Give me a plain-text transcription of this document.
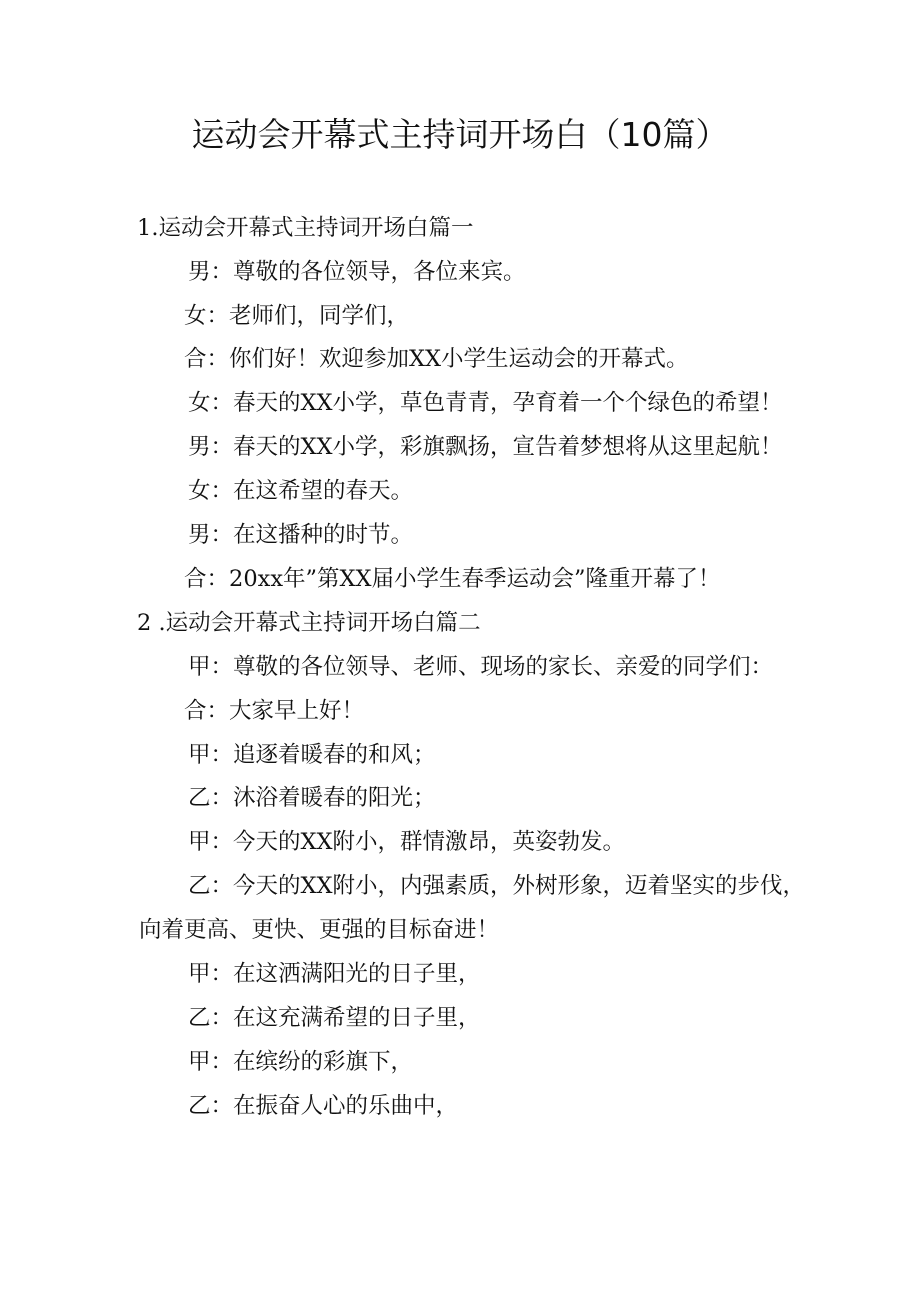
运动会开幕式主持词开场白（10篇）
1.运动会开幕式主持词开场白篇一
男：尊敬的各位领导，各位来宾。
女：老师们，同学们，
合：你们好！欢迎参加XX小学生运动会的开幕式。
女：春天的XX小学，草色青青，孕育着一个个绿色的希望！
男：春天的XX小学，彩旗飘扬，宣告着梦想将从这里起航！
女：在这希望的春天。
男：在这播种的时节。
合：20xx年”第XX届小学生春季运动会”隆重开幕了！
2 .运动会开幕式主持词开场白篇二
甲：尊敬的各位领导、老师、现场的家长、亲爱的同学们：
合：大家早上好！
甲：追逐着暖春的和风；
乙：沐浴着暖春的阳光；
甲：今天的XX附小，群情激昂，英姿勃发。
乙：今天的XX附小，内强素质，外树形象，迈着坚实的步伐，
向着更高、更快、更强的目标奋进！
甲：在这洒满阳光的日子里，
乙：在这充满希望的日子里，
甲：在缤纷的彩旗下，
乙：在振奋人心的乐曲中，
